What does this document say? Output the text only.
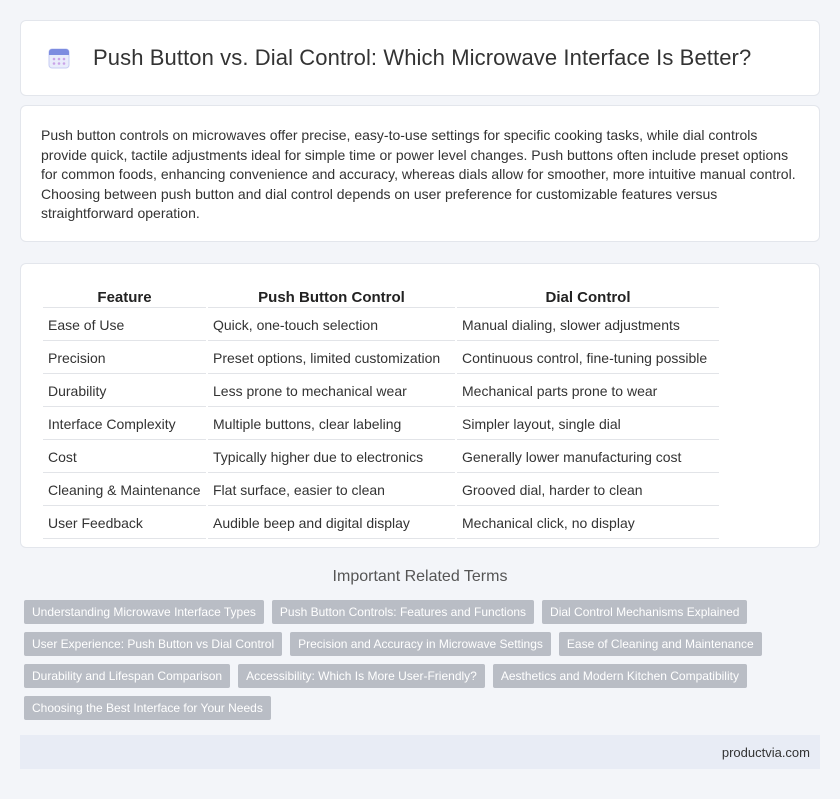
Push Button vs. Dial Control: Which Microwave Interface Is Better?

Push button controls on microwaves offer precise, easy-to-use settings for specific cooking tasks, while dial controls provide quick, tactile adjustments ideal for simple time or power level changes. Push buttons often include preset options for common foods, enhancing convenience and accuracy, whereas dials allow for smoother, more intuitive manual control. Choosing between push button and dial control depends on user preference for customizable features versus straightforward operation.

Feature	Push Button Control	Dial Control
Ease of Use	Quick, one-touch selection	Manual dialing, slower adjustments
Precision	Preset options, limited customization	Continuous control, fine-tuning possible
Durability	Less prone to mechanical wear	Mechanical parts prone to wear
Interface Complexity	Multiple buttons, clear labeling	Simpler layout, single dial
Cost	Typically higher due to electronics	Generally lower manufacturing cost
Cleaning & Maintenance	Flat surface, easier to clean	Grooved dial, harder to clean
User Feedback	Audible beep and digital display	Mechanical click, no display
Important Related Terms
Understanding Microwave Interface Types	Push Button Controls: Features and Functions	Dial Control Mechanisms Explained
User Experience: Push Button vs Dial Control	Precision and Accuracy in Microwave Settings	Ease of Cleaning and Maintenance
Durability and Lifespan Comparison	Accessibility: Which Is More User-Friendly?	Aesthetics and Modern Kitchen Compatibility
Choosing the Best Interface for Your Needs
productvia.com
